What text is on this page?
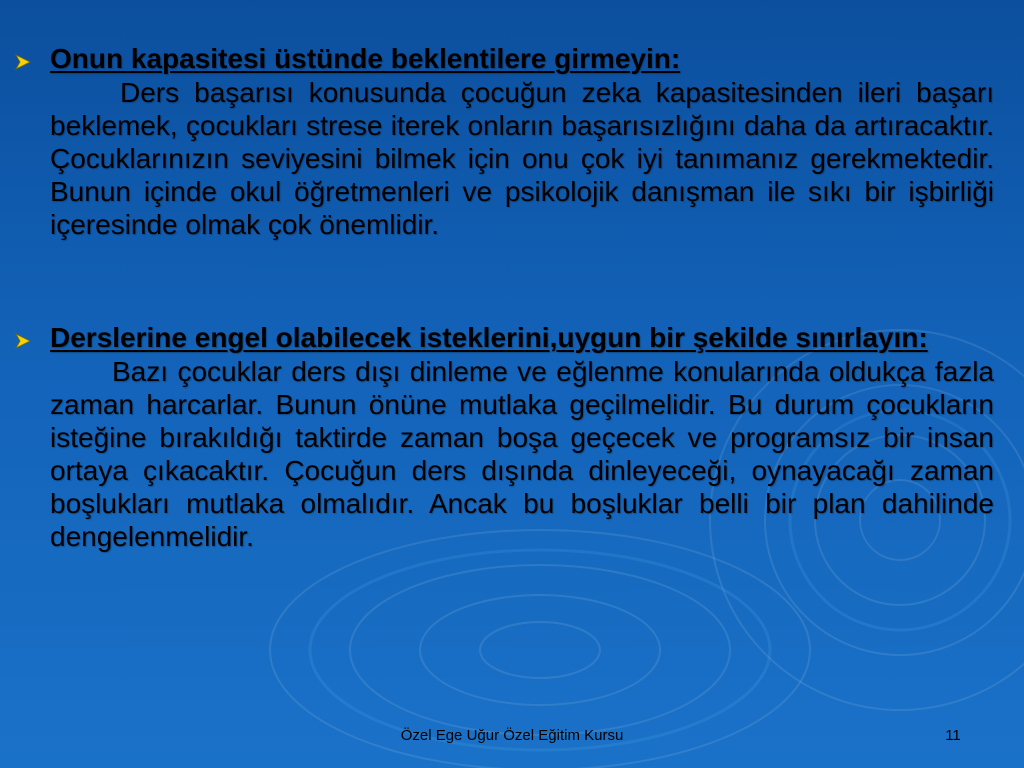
Onun kapasitesi üstünde beklentilere girmeyin:
Ders başarısı konusunda çocuğun zeka kapasitesinden ileri başarı beklemek, çocukları strese iterek onların başarısızlığını daha da artıracaktır. Çocuklarınızın seviyesini bilmek için onu çok iyi tanımanız gerekmektedir. Bunun içinde okul öğretmenleri ve psikolojik danışman ile sıkı bir işbirliği içeresinde olmak çok önemlidir.
Derslerine engel olabilecek isteklerini,uygun bir şekilde sınırlayın:
Bazı çocuklar ders dışı dinleme ve eğlenme konularında oldukça fazla zaman harcarlar. Bunun önüne mutlaka geçilmelidir. Bu durum çocukların isteğine bırakıldığı taktirde zaman boşa geçecek ve programsız bir insan ortaya çıkacaktır. Çocuğun ders dışında dinleyeceği, oynayacağı zaman boşlukları mutlaka olmalıdır. Ancak bu boşluklar belli bir plan dahilinde dengelenmelidir.
Özel Ege Uğur Özel Eğitim Kursu	11
